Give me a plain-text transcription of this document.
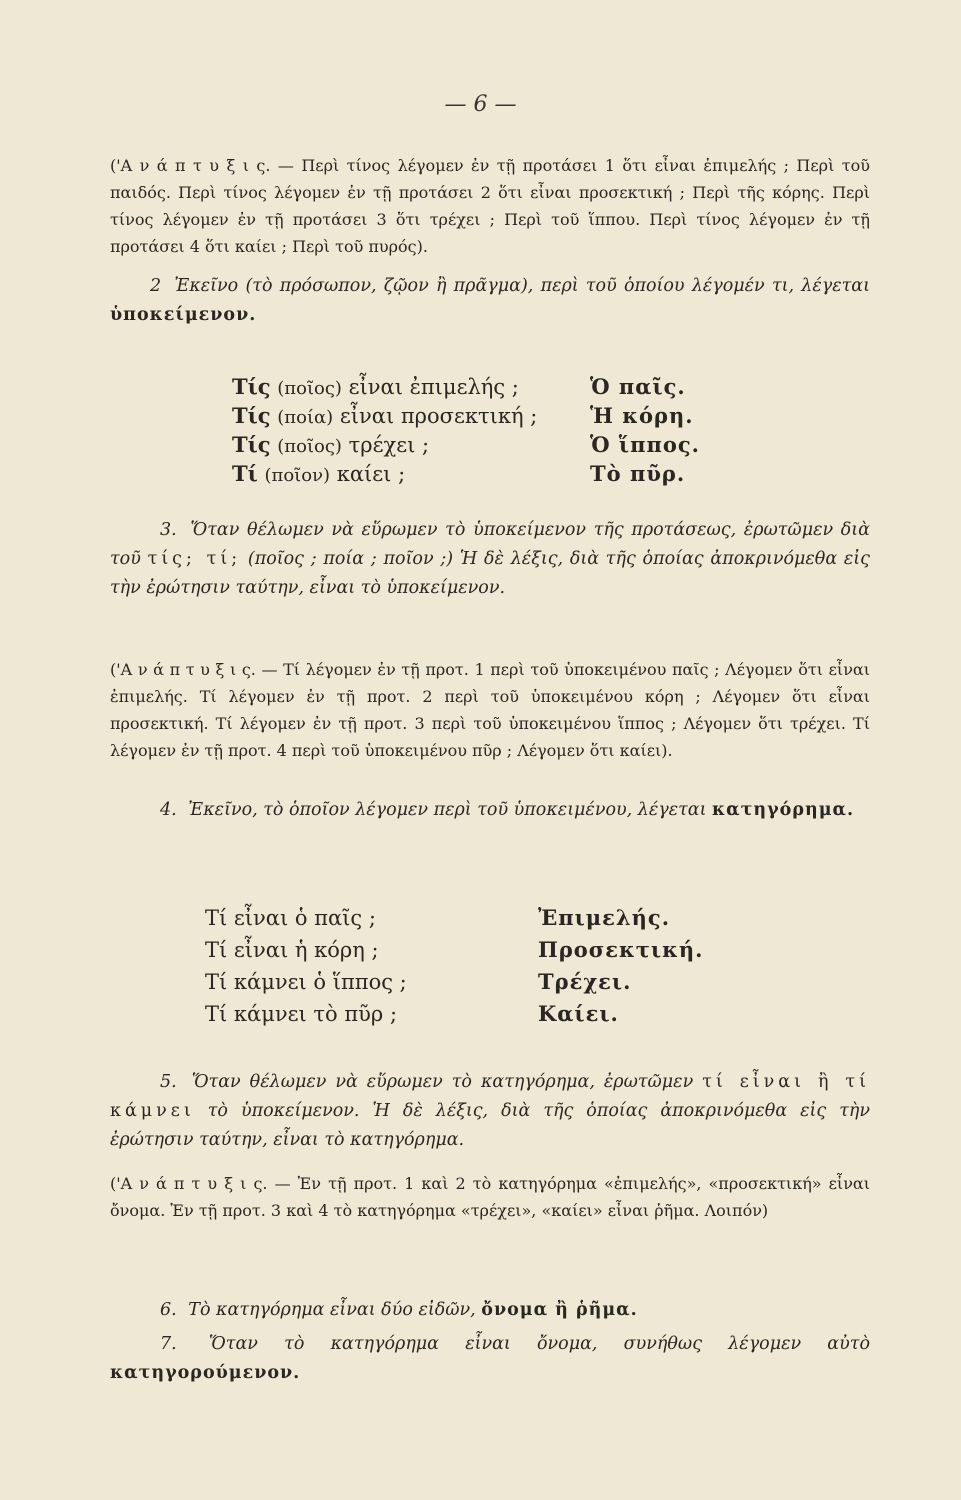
— 6 —
('Α ν ά π τ υ ξ ι ς. — Περὶ τίνος λέγομεν ἐν τῇ προτάσει 1 ὅτι εἶναι ἐπιμελής ; Περὶ τοῦ παιδός. Περὶ τίνος λέγομεν ἐν τῇ προτάσει 2 ὅτι εἶναι προσεκτική ; Περὶ τῆς κόρης. Περὶ τίνος λέγομεν ἐν τῇ προτάσει 3 ὅτι τρέχει ; Περὶ τοῦ ἵππου. Περὶ τίνος λέγομεν ἐν τῇ προτάσει 4 ὅτι καίει ; Περὶ τοῦ πυρός).
2 Ἐκεῖνο (τὸ πρόσωπον, ζῷον ἢ πρᾶγμα), περὶ τοῦ ὁποίου λέγομέν τι, λέγεται ὑποκείμενον.
Τίς (ποῖος) εἶναι ἐπιμελής ;	Ὁ παῖς.
Τίς (ποία) εἶναι προσεκτική ;	Ἡ κόρη.
Τίς (ποῖος) τρέχει ;	Ὁ ἵππος.
Τί (ποῖον) καίει ;	Τὸ πῦρ.
3. Ὅταν θέλωμεν νὰ εὕρωμεν τὸ ὑποκείμενον τῆς προτάσεως, ἐρωτῶμεν διὰ τοῦ τίς; τί; (ποῖος ; ποία ; ποῖον ;) Ἡ δὲ λέξις, διὰ τῆς ὁποίας ἀποκρινόμεθα εἰς τὴν ἐρώτησιν ταύτην, εἶναι τὸ ὑποκείμενον.
('Α ν ά π τ υ ξ ι ς. — Τί λέγομεν ἐν τῇ προτ. 1 περὶ τοῦ ὑποκειμένου παῖς ; Λέγομεν ὅτι εἶναι ἐπιμελής. Τί λέγομεν ἐν τῇ προτ. 2 περὶ τοῦ ὑποκειμένου κόρη ; Λέγομεν ὅτι εἶναι προσεκτική. Τί λέγομεν ἐν τῇ προτ. 3 περὶ τοῦ ὑποκειμένου ἵππος ; Λέγομεν ὅτι τρέχει. Τί λέγομεν ἐν τῇ προτ. 4 περὶ τοῦ ὑποκειμένου πῦρ ; Λέγομεν ὅτι καίει).
4. Ἐκεῖνο, τὸ ὁποῖον λέγομεν περὶ τοῦ ὑποκειμένου, λέγεται κατηγόρημα.
Τί εἶναι ὁ παῖς ;	Ἐπιμελής.
Τί εἶναι ἡ κόρη ;	Προσεκτική.
Τί κάμνει ὁ ἵππος ;	Τρέχει.
Τί κάμνει τὸ πῦρ ;	Καίει.
5. Ὅταν θέλωμεν νὰ εὕρωμεν τὸ κατηγόρημα, ἐρωτῶμεν τί εἶναι ἢ τί κάμνει τὸ ὑποκείμενον. Ἡ δὲ λέξις, διὰ τῆς ὁποίας ἀποκρινόμεθα εἰς τὴν ἐρώτησιν ταύτην, εἶναι τὸ κατηγόρημα.
('Α ν ά π τ υ ξ ι ς. — Ἐν τῇ προτ. 1 καὶ 2 τὸ κατηγόρημα «ἐπιμελής», «προσεκτική» εἶναι ὄνομα. Ἐν τῇ προτ. 3 καὶ 4 τὸ κατηγόρημα «τρέχει», «καίει» εἶναι ῥῆμα. Λοιπόν)
6. Τὸ κατηγόρημα εἶναι δύο εἰδῶν, ὄνομα ἢ ῥῆμα.
7. Ὅταν τὸ κατηγόρημα εἶναι ὄνομα, συνήθως λέγομεν αὐτὸ κατηγορούμενον.
